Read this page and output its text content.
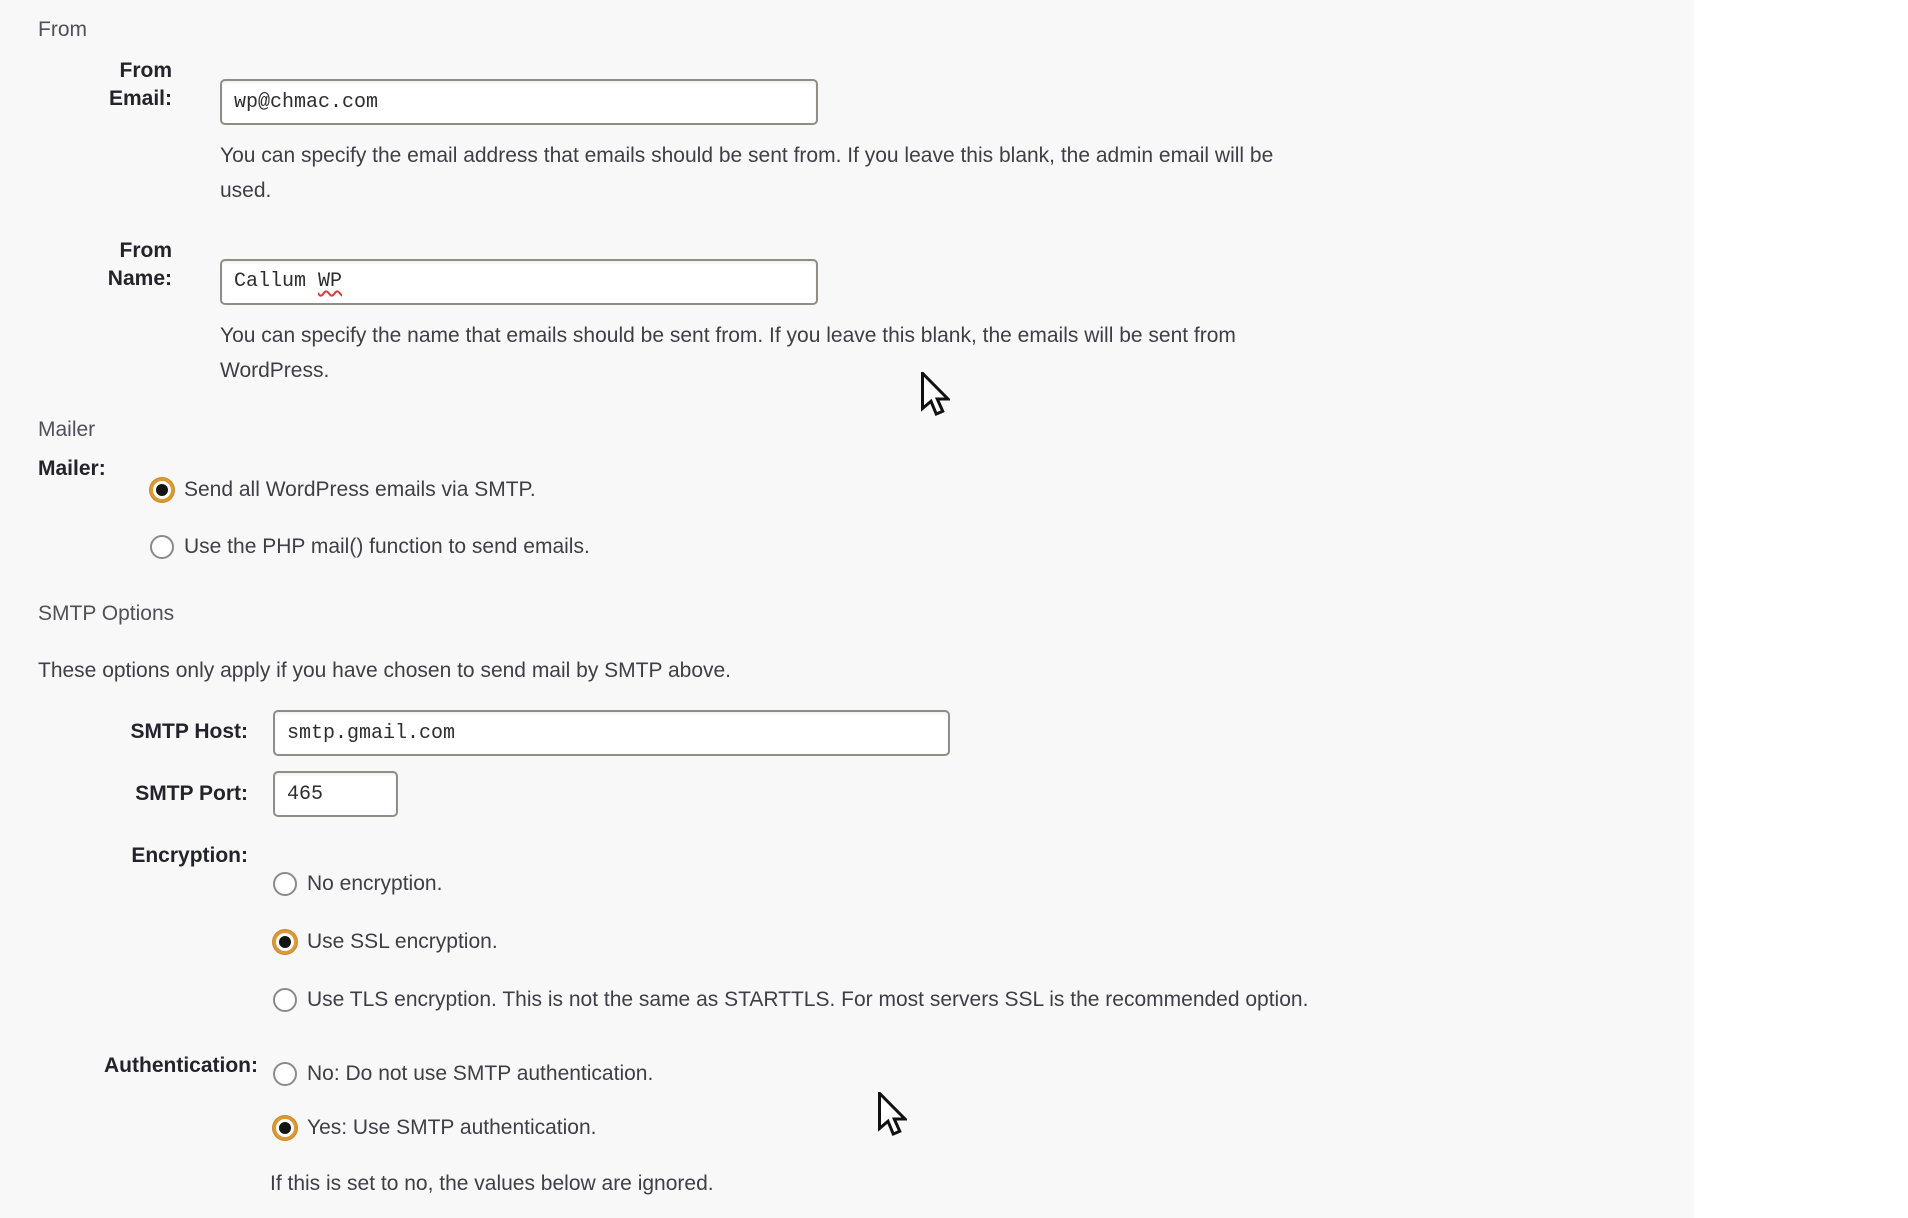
From
From
Email:
wp@chmac.com
You can specify the email address that emails should be sent from. If you leave this blank, the admin email will be
used.
From
Name:	Callum WP
You can specify the name that emails should be sent from. If you leave this blank, the emails will be sent from
WordPress.
Mailer
Mailer:
Send all WordPress emails via SMTP.
Use the PHP mail() function to send emails.
SMTP Options
These options only apply if you have chosen to send mail by SMTP above.
SMTP Host:
smtp.gmail.com
SMTP Port:
465
Encryption:
No encryption.
Use SSL encryption.
Use TLS encryption. This is not the same as STARTTLS. For most servers SSL is the recommended option.
Authentication: No: Do not use SMTP authentication.
Yes: Use SMTP authentication.
If this is set to no, the values below are ignored.
